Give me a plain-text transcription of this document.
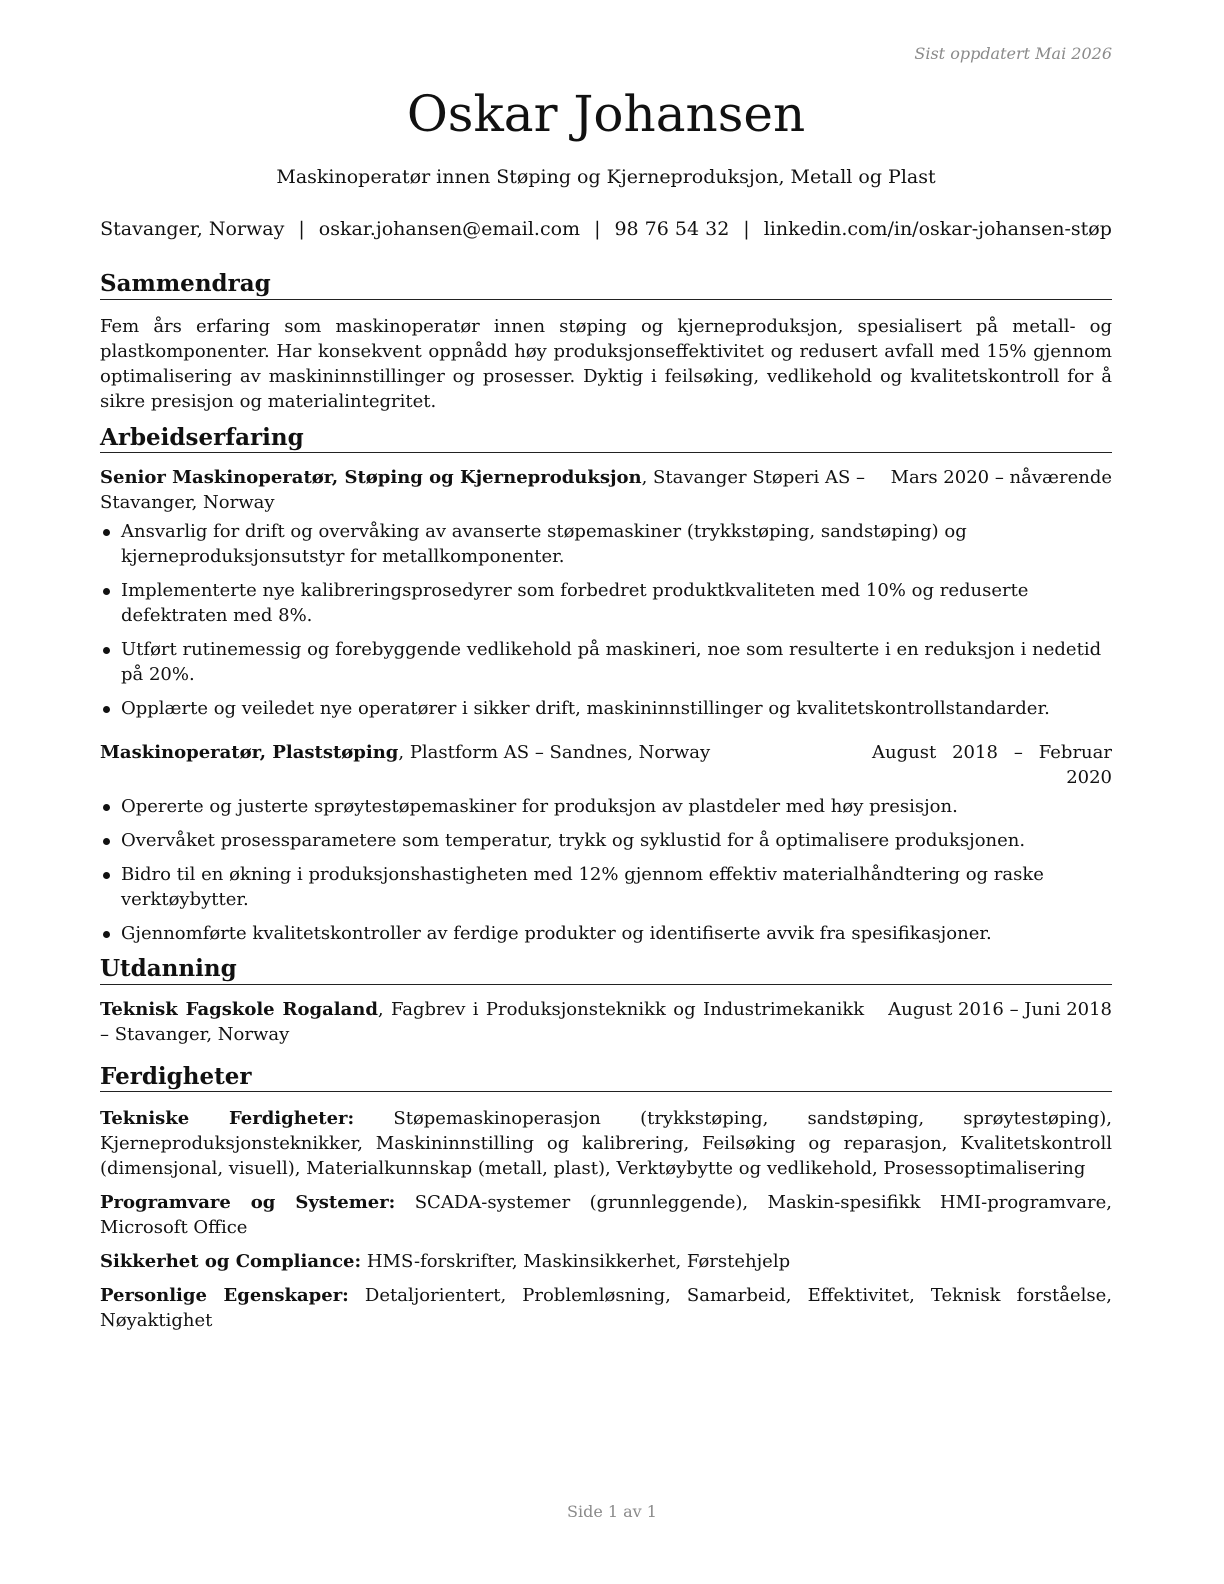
Sist oppdatert Mai 2026
Oskar Johansen
Maskinoperatør innen Støping og Kjerneproduksjon, Metall og Plast
Stavanger, Norway | oskar.johansen@email.com | 98 76 54 32 | linkedin.com/in/oskar-johansen-støp
Sammendrag

Fem års erfaring som maskinoperatør innen støping og kjerneproduksjon, spesialisert på metall- og plastkomponenter. Har konsekvent oppnådd høy produksjonseffektivitet og redusert avfall med 15% gjennom optimalisering av maskininnstillinger og prosesser. Dyktig i feilsøking, vedlikehold og kvalitetskontroll for å sikre presisjon og materialintegritet.

Arbeidserfaring
Senior Maskinoperatør, Støping og Kjerneproduksjon, Stavanger Støperi AS – Stavanger, Norway
Mars 2020 – nåværende
Ansvarlig for drift og overvåking av avanserte støpemaskiner (trykkstøping, sandstøping) og kjerneproduksjonsutstyr for metallkomponenter.
Implementerte nye kalibreringsprosedyrer som forbedret produktkvaliteten med 10% og reduserte defektraten med 8%.
Utført rutinemessig og forebyggende vedlikehold på maskineri, noe som resulterte i en reduksjon i nedetid på 20%.
Opplærte og veiledet nye operatører i sikker drift, maskininnstillinger og kvalitetskontrollstandarder.
Maskinoperatør, Plaststøping, Plastform AS – Sandnes, Norway	August 2018 – Februar 2020
Opererte og justerte sprøytestøpemaskiner for produksjon av plastdeler med høy presisjon.
Overvåket prosessparametere som temperatur, trykk og syklustid for å optimalisere produksjonen.
Bidro til en økning i produksjonshastigheten med 12% gjennom effektiv materialhåndtering og raske verktøybytter.
Gjennomførte kvalitetskontroller av ferdige produkter og identifiserte avvik fra spesifikasjoner.
Utdanning
Teknisk Fagskole Rogaland, Fagbrev i Produksjonsteknikk og Industrimekanikk – Stavanger, Norway
August 2016 – Juni 2018
Ferdigheter
Tekniske Ferdigheter: Støpemaskinoperasjon (trykkstøping, sandstøping, sprøytestøping), Kjerneproduksjonsteknikker, Maskininnstilling og kalibrering, Feilsøking og reparasjon, Kvalitetskontroll (dimensjonal, visuell), Materialkunnskap (metall, plast), Verktøybytte og vedlikehold, Prosessoptimalisering
Programvare og Systemer: SCADA-systemer (grunnleggende), Maskin-spesifikk HMI-programvare, Microsoft Office
Sikkerhet og Compliance: HMS-forskrifter, Maskinsikkerhet, Førstehjelp
Personlige Egenskaper: Detaljorientert, Problemløsning, Samarbeid, Effektivitet, Teknisk forståelse, Nøyaktighet
Side 1 av 1
